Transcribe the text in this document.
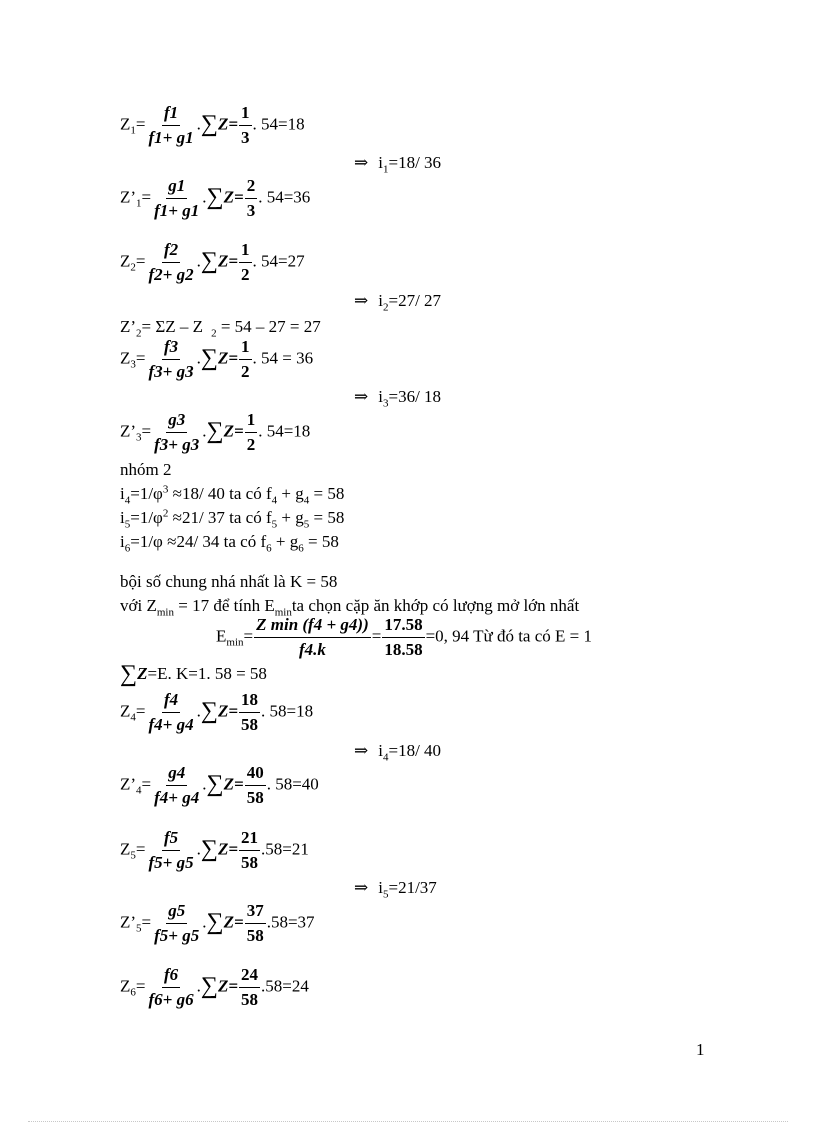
$Z_1= \frac{f1}{f1+ g1} .\sum Z= \frac{1}{3}$ . 54=18
⇒ $i_1=18/$ 36
$Z’_1= \frac{g1}{f1+ g1} .\sum Z= \frac{2}{3}$ . 54=36
$Z_2= \frac{f2}{f2+ g2} .\sum Z= \frac{1}{2}$ . 54=27
⇒ $i_2=27/$ 27
$Z’_2= \Sigma Z - Z$ $_2$ = 54 – 27 = 27
$Z_3= \frac{f3}{f3+ g3} .\sum Z= \frac{1}{2}$ . 54 = 36
⇒ $i_3=36/$ 18
$Z’_3= \frac{g3}{f3+ g3} .\sum Z= \frac{1}{2}$ . 54=18
nhóm 2
$i_4=1/\varphi^3 \approx 18/$ 40 ta có $f_4 + g_4 = 58$
$i_5=1/\varphi^2 \approx 21/$ 37 ta có $f_5 + g_5 = 58$
$i_6=1/\varphi \approx 24/$ 34 ta có $f_6 + g_6 = 58$
bội số chung nhá nhất là K = 58
với $Z_{min} = 17$ để tính $E_{min}ta$ chọn cặp ăn khớp có lượng mở lớn nhất
$E_{min}= \frac{\text{Z min (f4 + g4))}}{f4.k} = \frac{17.58}{18.58} =0$, 94 Từ đó ta có E = 1
∑Z=E. K=1. 58 = 58
$Z_4= \frac{f4}{f4+ g4} .\sum Z= \frac{18}{58}$ . 58=18
⇒ $i_4=18/$ 40
$Z’_4= \frac{g4}{f4+ g4} .\sum Z= \frac{40}{58}$ . 58=40
$Z_5= \frac{f5}{f5+ g5} .\sum Z= \frac{21}{58} .58=21$
⇒ $i_5=21/37$
$Z’_5= \frac{g5}{f5+ g5} .\sum Z= \frac{37}{58} .58=37$
$Z_6= \frac{f6}{f6+ g6} .\sum Z= \frac{24}{58} .58=24$
1
